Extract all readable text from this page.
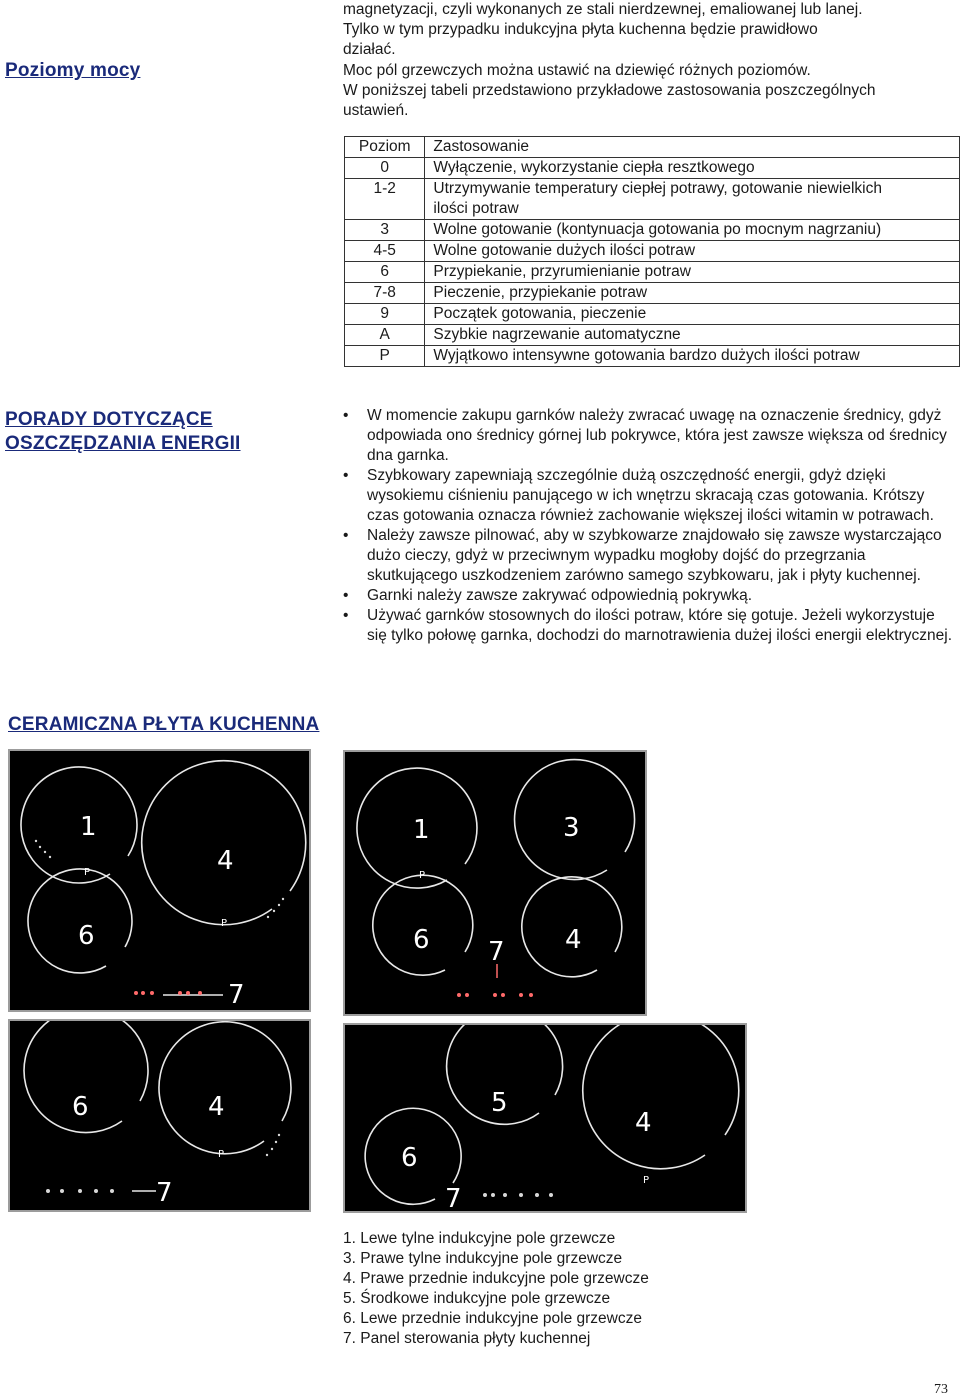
magnetyzacji, czyli wykonanych ze stali nierdzewnej, emaliowanej lub lanej.
Tylko w tym przypadku indukcyjna płyta kuchenna będzie prawidłowo
działać.
Poziomy mocy	Moc pól grzewczych można ustawić na dziewięć różnych poziomów.
W poniższej tabeli przedstawiono przykładowe zastosowania poszczególnych
ustawień.
Poziom	Zastosowanie
0	Wyłączenie, wykorzystanie ciepła resztkowego
1-2	Utrzymywanie temperatury ciepłej potrawy, gotowanie niewielkich ilości potraw
3	Wolne gotowanie (kontynuacja gotowania po mocnym nagrzaniu)
4-5	Wolne gotowanie dużych ilości potraw
6	Przypiekanie, przyrumienianie potraw
7-8	Pieczenie, przypiekanie potraw
9	Początek gotowania, pieczenie
A	Szybkie nagrzewanie automatyczne
P	Wyjątkowo intensywne gotowania bardzo dużych ilości potraw
PORADY DOTYCZĄCE
OSZCZĘDZANIA ENERGII
• W momencie zakupu garnków należy zwracać uwagę na oznaczenie średnicy, gdyż odpowiada ono średnicy górnej lub pokrywce, która jest zawsze większa od średnicy dna garnka.
• Szybkowary zapewniają szczególnie dużą oszczędność energii, gdyż dzięki wysokiemu ciśnieniu panującego w ich wnętrzu skracają czas gotowania. Krótszy czas gotowania oznacza również zachowanie większej ilości witamin w potrawach.
• Należy zawsze pilnować, aby w szybkowarze znajdowało się zawsze wystarczająco dużo cieczy, gdyż w przeciwnym wypadku mogłoby dojść do przegrzania skutkującego uszkodzeniem zarówno samego szybkowaru, jak i płyty kuchennej.
• Garnki należy zawsze zakrywać odpowiednią pokrywką.
• Używać garnków stosownych do ilości potraw, które się gotuje. Jeżeli wykorzystuje się tylko połowę garnka, dochodzi do marnotrawienia dużej ilości energii elektrycznej.
CERAMICZNA PŁYTA KUCHENNA
1
P	4
P
6
7
1
P
3
6	4
7
6	4
P
7
5
6
4
P
7
1. Lewe tylne indukcyjne pole grzewcze
3. Prawe tylne indukcyjne pole grzewcze
4. Prawe przednie indukcyjne pole grzewcze
5. Środkowe indukcyjne pole grzewcze
6. Lewe przednie indukcyjne pole grzewcze
7. Panel sterowania płyty kuchennej
73
